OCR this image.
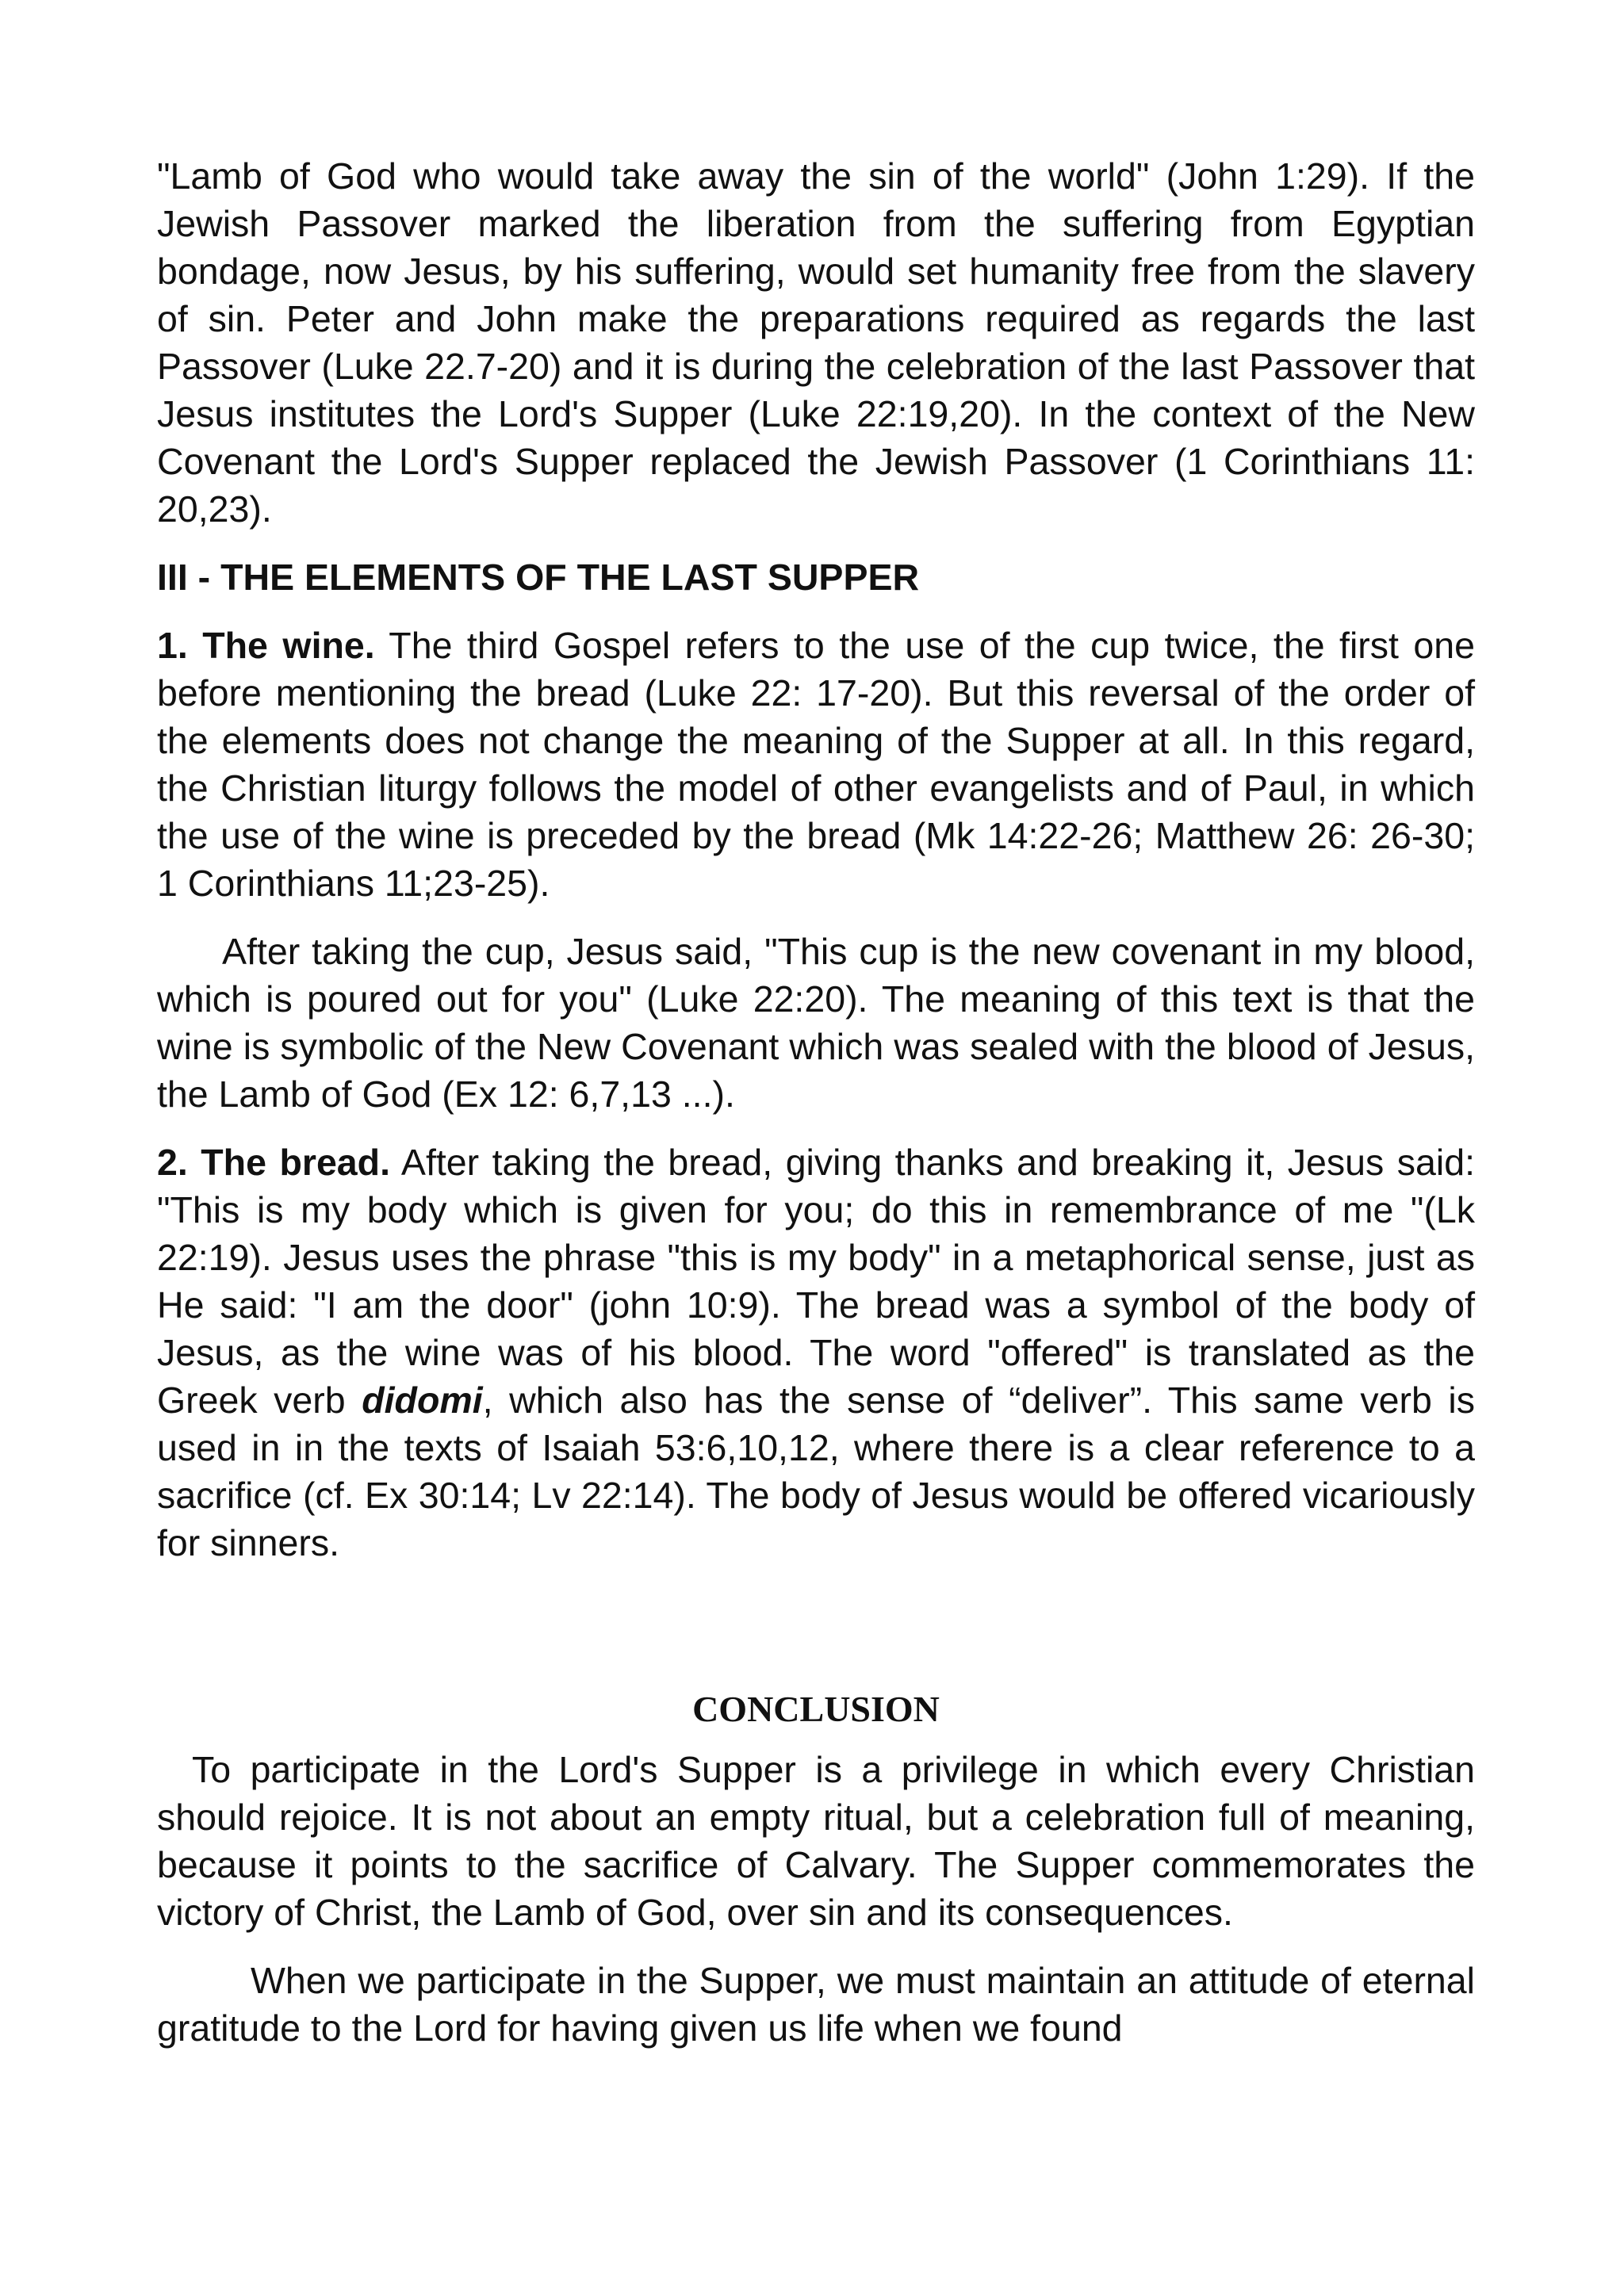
"Lamb of God who would take away the sin of the world" (John 1:29). If the Jewish Passover marked the liberation from the suffering from Egyptian bondage, now Jesus, by his suffering, would set humanity free from the slavery of sin. Peter and John make the preparations required as regards the last Passover (Luke 22.7-20) and it is during the celebration of the last Passover that Jesus institutes the Lord's Supper (Luke 22:19,20). In the context of the New Covenant the Lord's Supper replaced the Jewish Passover (1 Corinthians 11: 20,23).

III - THE ELEMENTS OF THE LAST SUPPER

1. The wine. The third Gospel refers to the use of the cup twice, the first one before mentioning the bread (Luke 22: 17-20). But this reversal of the order of the elements does not change the meaning of the Supper at all. In this regard, the Christian liturgy follows the model of other evangelists and of Paul, in which the use of the wine is preceded by the bread (Mk 14:22-26; Matthew 26: 26-30; 1 Corinthians 11;23-25).

After taking the cup, Jesus said, "This cup is the new covenant in my blood, which is poured out for you" (Luke 22:20). The meaning of this text is that the wine is symbolic of the New Covenant which was sealed with the blood of Jesus, the Lamb of God (Ex 12: 6,7,13 ...).

2. The bread. After taking the bread, giving thanks and breaking it, Jesus said: "This is my body which is given for you; do this in remembrance of me "(Lk 22:19). Jesus uses the phrase "this is my body" in a metaphorical sense, just as He said: "I am the door" (john 10:9). The bread was a symbol of the body of Jesus, as the wine was of his blood. The word "offered" is translated as the Greek verb didomi, which also has the sense of “deliver”. This same verb is used in in the texts of Isaiah 53:6,10,12, where there is a clear reference to a sacrifice (cf. Ex 30:14; Lv 22:14). The body of Jesus would be offered vicariously for sinners.

CONCLUSION

To participate in the Lord's Supper is a privilege in which every Christian should rejoice. It is not about an empty ritual, but a celebration full of meaning, because it points to the sacrifice of Calvary. The Supper commemorates the victory of Christ, the Lamb of God, over sin and its consequences.

When we participate in the Supper, we must maintain an attitude of eternal gratitude to the Lord for having given us life when we found
